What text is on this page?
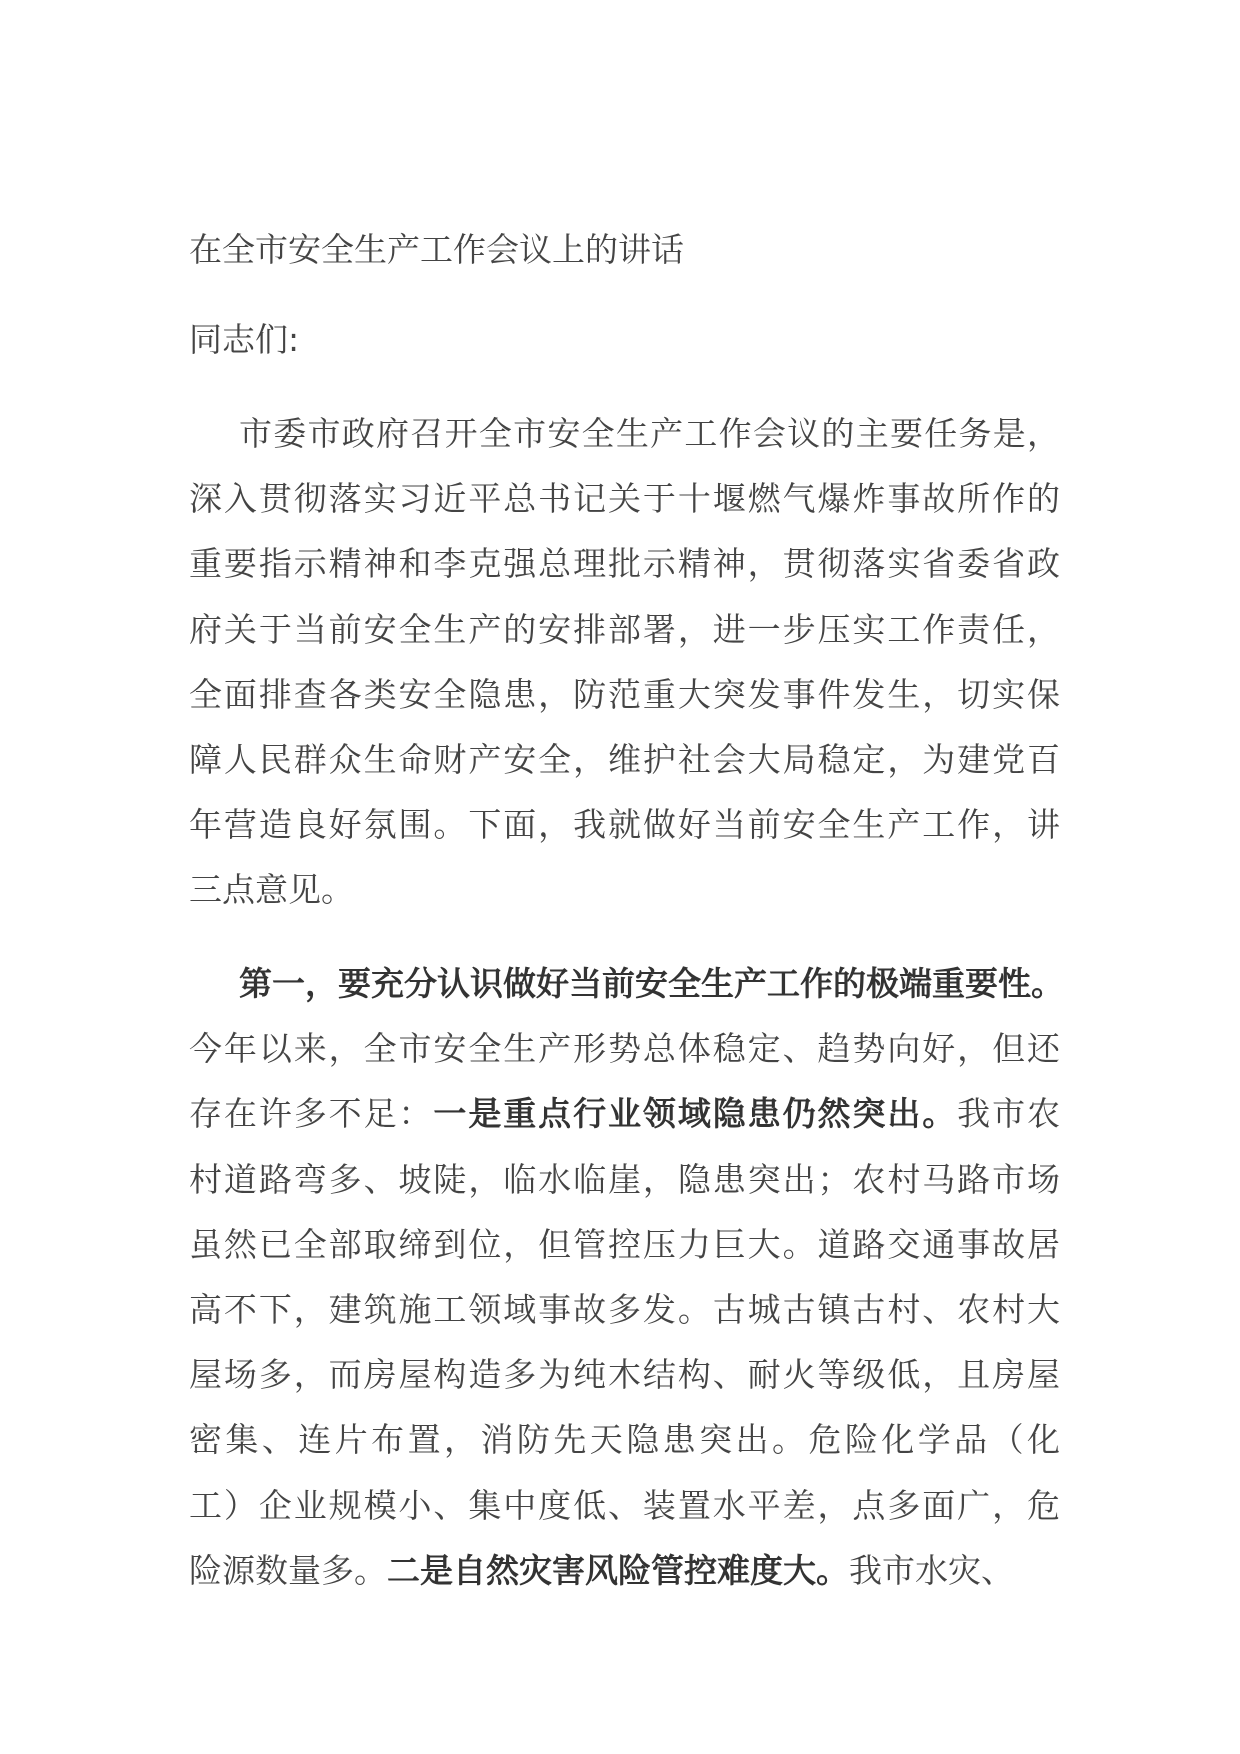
在全市安全生产工作会议上的讲话
同志们:
市委市政府召开全市安全生产工作会议的主要任务是，
深入贯彻落实习近平总书记关于十堰燃气爆炸事故所作的
重要指示精神和李克强总理批示精神，贯彻落实省委省政
府关于当前安全生产的安排部署，进一步压实工作责任，
全面排查各类安全隐患，防范重大突发事件发生，切实保
障人民群众生命财产安全，维护社会大局稳定，为建党百
年营造良好氛围。下面，我就做好当前安全生产工作，讲
三点意见。
第一，要充分认识做好当前安全生产工作的极端重要性。
今年以来，全市安全生产形势总体稳定、趋势向好，但还
存在许多不足：一是重点行业领域隐患仍然突出。我市农
村道路弯多、坡陡，临水临崖，隐患突出；农村马路市场
虽然已全部取缔到位，但管控压力巨大。道路交通事故居
高不下，建筑施工领域事故多发。古城古镇古村、农村大
屋场多，而房屋构造多为纯木结构、耐火等级低，且房屋
密集、连片布置，消防先天隐患突出。危险化学品（化
工）企业规模小、集中度低、装置水平差，点多面广，危
险源数量多。二是自然灾害风险管控难度大。我市水灾、
